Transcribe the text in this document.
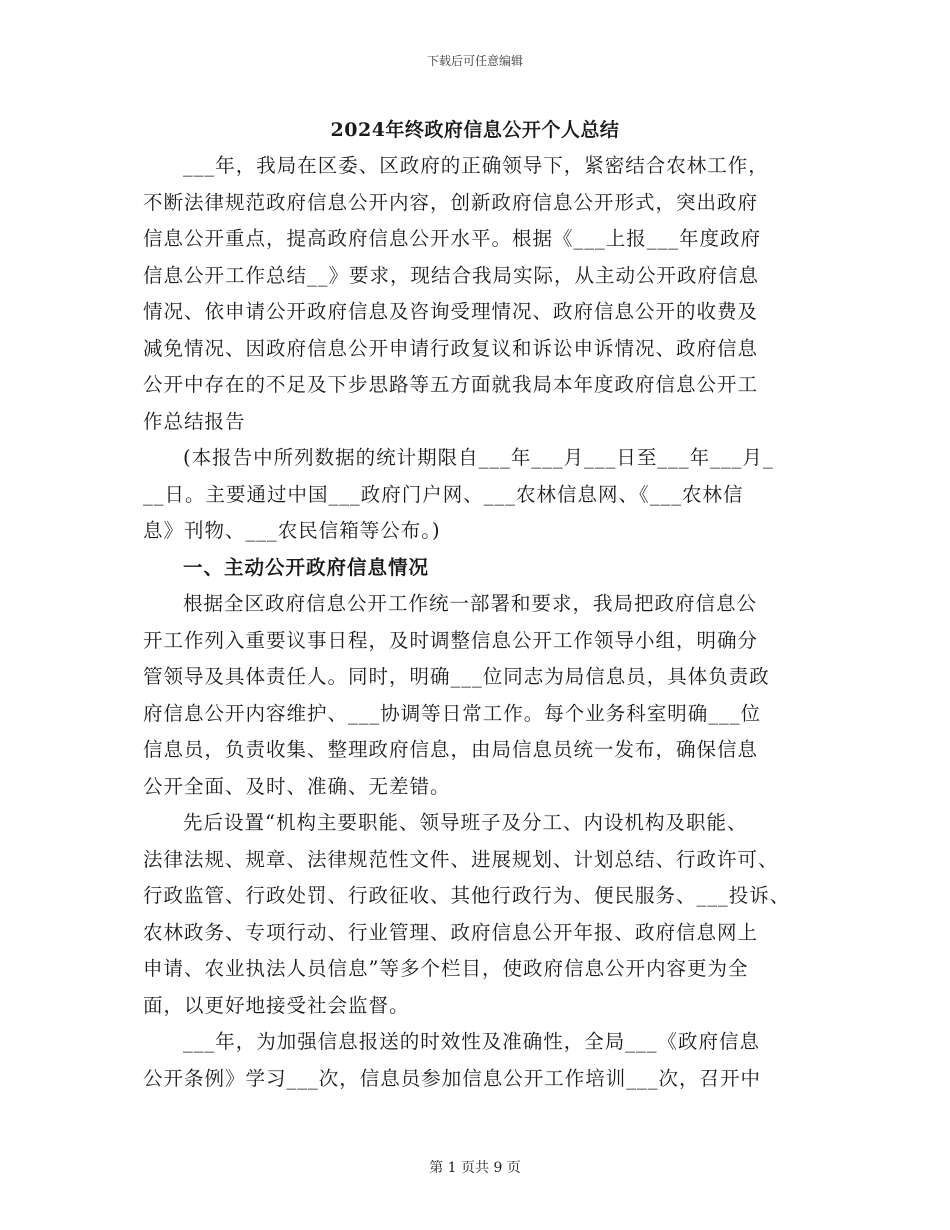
下载后可任意编辑
2024年终政府信息公开个人总结
___年，我局在区委、区政府的正确领导下，紧密结合农林工作，
不断法律规范政府信息公开内容，创新政府信息公开形式，突出政府
信息公开重点，提高政府信息公开水平。根据《___上报___年度政府
信息公开工作总结__》要求，现结合我局实际，从主动公开政府信息
情况、依申请公开政府信息及咨询受理情况、政府信息公开的收费及
减免情况、因政府信息公开申请行政复议和诉讼申诉情况、政府信息
公开中存在的不足及下步思路等五方面就我局本年度政府信息公开工
作总结报告
(本报告中所列数据的统计期限自___年___月___日至___年___月_
__日。主要通过中国___政府门户网、___农林信息网、《___农林信
息》刊物、___农民信箱等公布。)
一、主动公开政府信息情况
根据全区政府信息公开工作统一部署和要求，我局把政府信息公
开工作列入重要议事日程，及时调整信息公开工作领导小组，明确分
管领导及具体责任人。同时，明确___位同志为局信息员，具体负责政
府信息公开内容维护、___协调等日常工作。每个业务科室明确___位
信息员，负责收集、整理政府信息，由局信息员统一发布，确保信息
公开全面、及时、准确、无差错。
先后设置“机构主要职能、领导班子及分工、内设机构及职能、
法律法规、规章、法律规范性文件、进展规划、计划总结、行政许可、
行政监管、行政处罚、行政征收、其他行政行为、便民服务、___投诉、
农林政务、专项行动、行业管理、政府信息公开年报、政府信息网上
申请、农业执法人员信息”等多个栏目，使政府信息公开内容更为全
面，以更好地接受社会监督。
___年，为加强信息报送的时效性及准确性，全局___《政府信息
公开条例》学习___次，信息员参加信息公开工作培训___次，召开中
第 1 页共 9 页
